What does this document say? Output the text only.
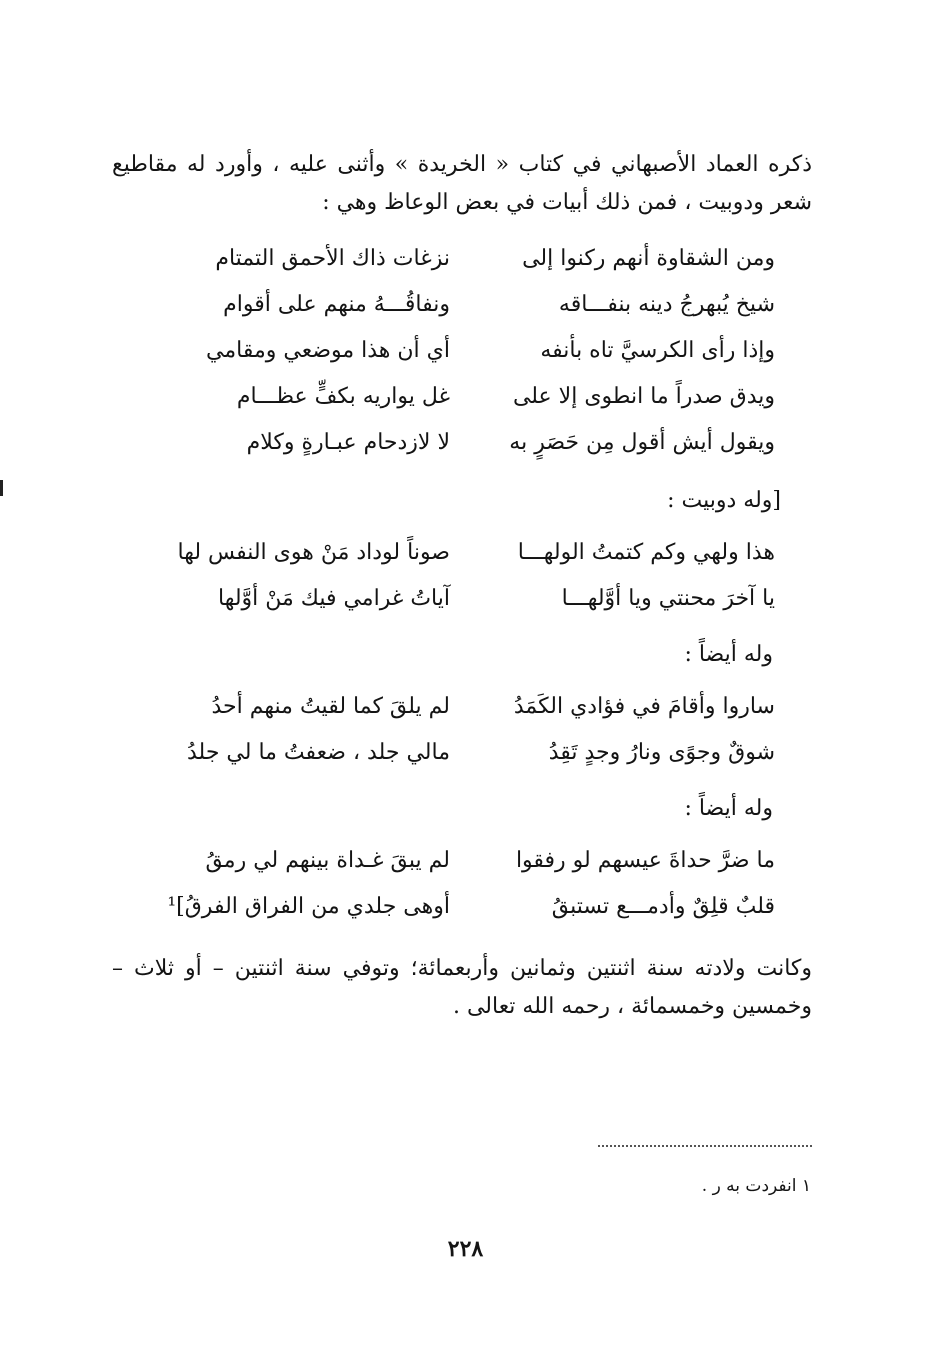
ذكره العماد الأصبهاني في كتاب « الخريدة » وأثنى عليه ، وأورد له مقاطيع شعر ودوبيت ، فمن ذلك أبيات في بعض الوعاظ وهي :
ومن الشقاوة أنهم ركنوا إلى
نزغات ذاك الأحمق التمتام
شيخ يُبهرجُ دينه بنفـــاقه
ونفاقُـــهُ منهم على أقوام
وإذا رأى الكرسيَّ تاه بأنفه
أي أن هذا موضعي ومقامي
ويدق صدراً ما انطوى إلا على
غل يواريه بكفٍّ عظـــام
ويقول أيش أقول مِن حَصَرٍ به
لا لازدحام عبـارةٍ وكلام
[وله دوبيت :
هذا ولهي وكم كتمتُ الولهـــا
صوناً لوداد مَنْ هوى النفس لها
يا آخرَ محنتي ويا أوَّلهـــا
آياتُ غرامي فيك مَنْ أوَّلها
وله أيضاً :
ساروا وأقامَ في فؤادي الكَمَدُ
لم يلقَ كما لقيتُ منهم أحدُ
شوقٌ وجوًى ونارُ وجدٍ تَقِدُ
مالي جلد ، ضعفتُ ما لي جلدُ
وله أيضاً :
ما ضرَّ حداةَ عيسهم لو رفقوا
لم يبقَ غـداة بينهم لي رمقُ
قلبٌ قلِقٌ وأدمـــع تستبقُ
أوهى جلدي من الفراق الفرقُ]¹
وكانت ولادته سنة اثنتين وثمانين وأربعمائة؛ وتوفي سنة اثنتين – أو ثلاث – وخمسين وخمسمائة ، رحمه الله تعالى .
١ انفردت به ر .
٢٢٨
